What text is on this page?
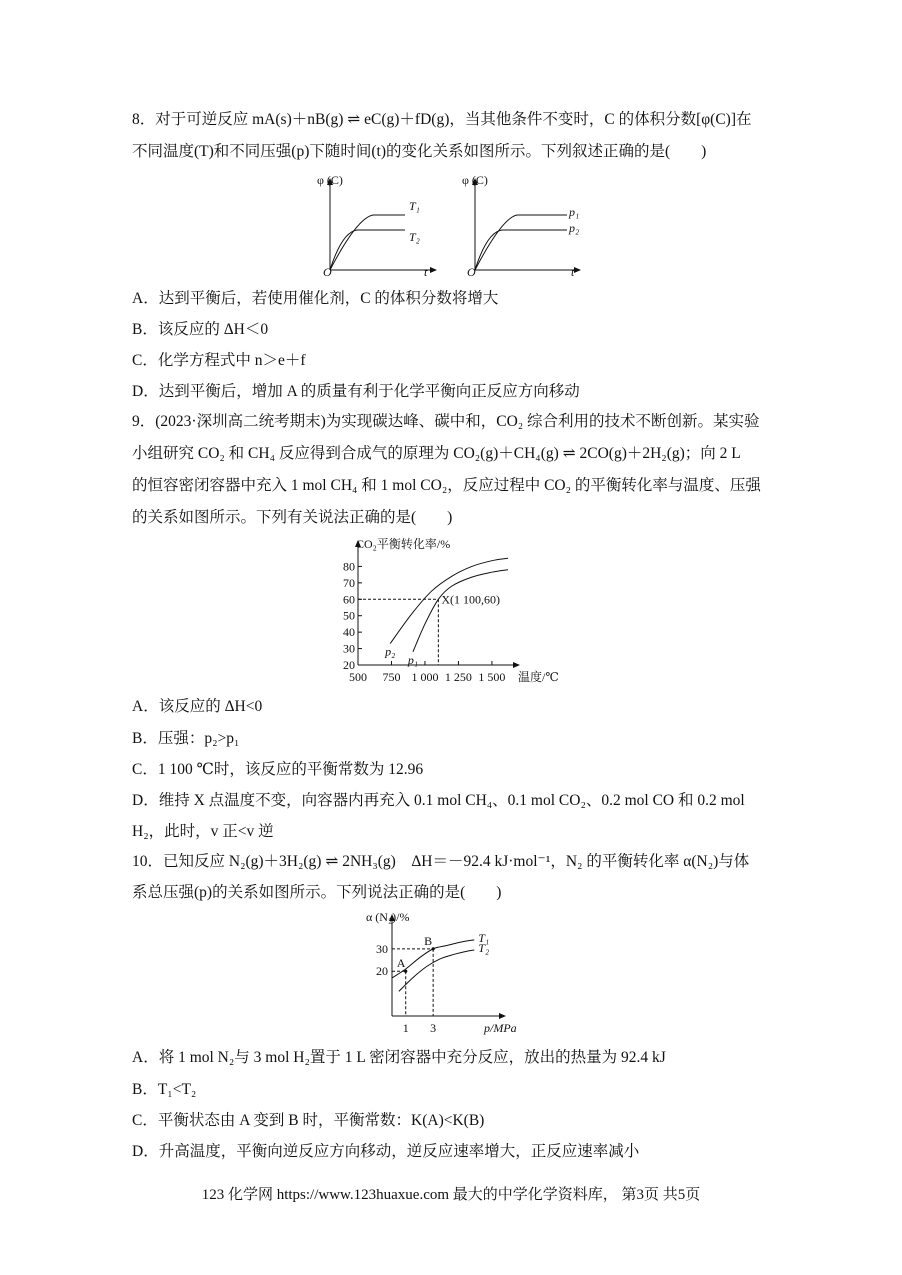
8．对于可逆反应 mA(s)＋nB(g) ⇌ eC(g)＋fD(g)，当其他条件不变时，C 的体积分数[φ(C)]在
不同温度(T)和不同压强(p)下随时间(t)的变化关系如图所示。下列叙述正确的是(　　)
φ (C)
O	t
T₁
T₂
φ (C)
O	t
p₁
p₂
A．达到平衡后，若使用催化剂，C 的体积分数将增大
B．该反应的 ΔH＜0
C．化学方程式中 n＞e＋f
D．达到平衡后，增加 A 的质量有利于化学平衡向正反应方向移动
9．(2023·深圳高二统考期末)为实现碳达峰、碳中和，CO₂ 综合利用的技术不断创新。某实验
小组研究 CO₂ 和 CH₄ 反应得到合成气的原理为 CO₂(g)＋CH₄(g) ⇌ 2CO(g)＋2H₂(g)；向 2 L
的恒容密闭容器中充入 1 mol CH₄ 和 1 mol CO₂，反应过程中 CO₂ 的平衡转化率与温度、压强
的关系如图所示。下列有关说法正确的是(　　)
CO₂平衡转化率/%
温度/℃
20
30
40
50
60
70
80
500 750 1 000 1 250 1 500
p₂
p₁
X(1 100,60)
A．该反应的 ΔH<0
B．压强：p₂>p₁
C．1 100 ℃时，该反应的平衡常数为 12.96
D．维持 X 点温度不变，向容器内再充入 0.1 mol CH₄、0.1 mol CO₂、0.2 mol CO 和 0.2 mol
H₂，此时，v 正<v 逆
10．已知反应 N₂(g)＋3H₂(g) ⇌ 2NH₃(g)　ΔH＝－92.4 kJ·mol⁻¹，N₂ 的平衡转化率 α(N₂)与体
系总压强(p)的关系如图所示。下列说法正确的是(　　)
α (N₂)/%
p/MPa
20
30
1 3
T₁
T₂
A
B
A．将 1 mol N₂与 3 mol H₂置于 1 L 密闭容器中充分反应，放出的热量为 92.4 kJ
B．T₁<T₂
C．平衡状态由 A 变到 B 时，平衡常数：K(A)<K(B)
D．升高温度，平衡向逆反应方向移动，逆反应速率增大，正反应速率减小
123 化学网 https://www.123huaxue.com 最大的中学化学资料库， 第3页 共5页
